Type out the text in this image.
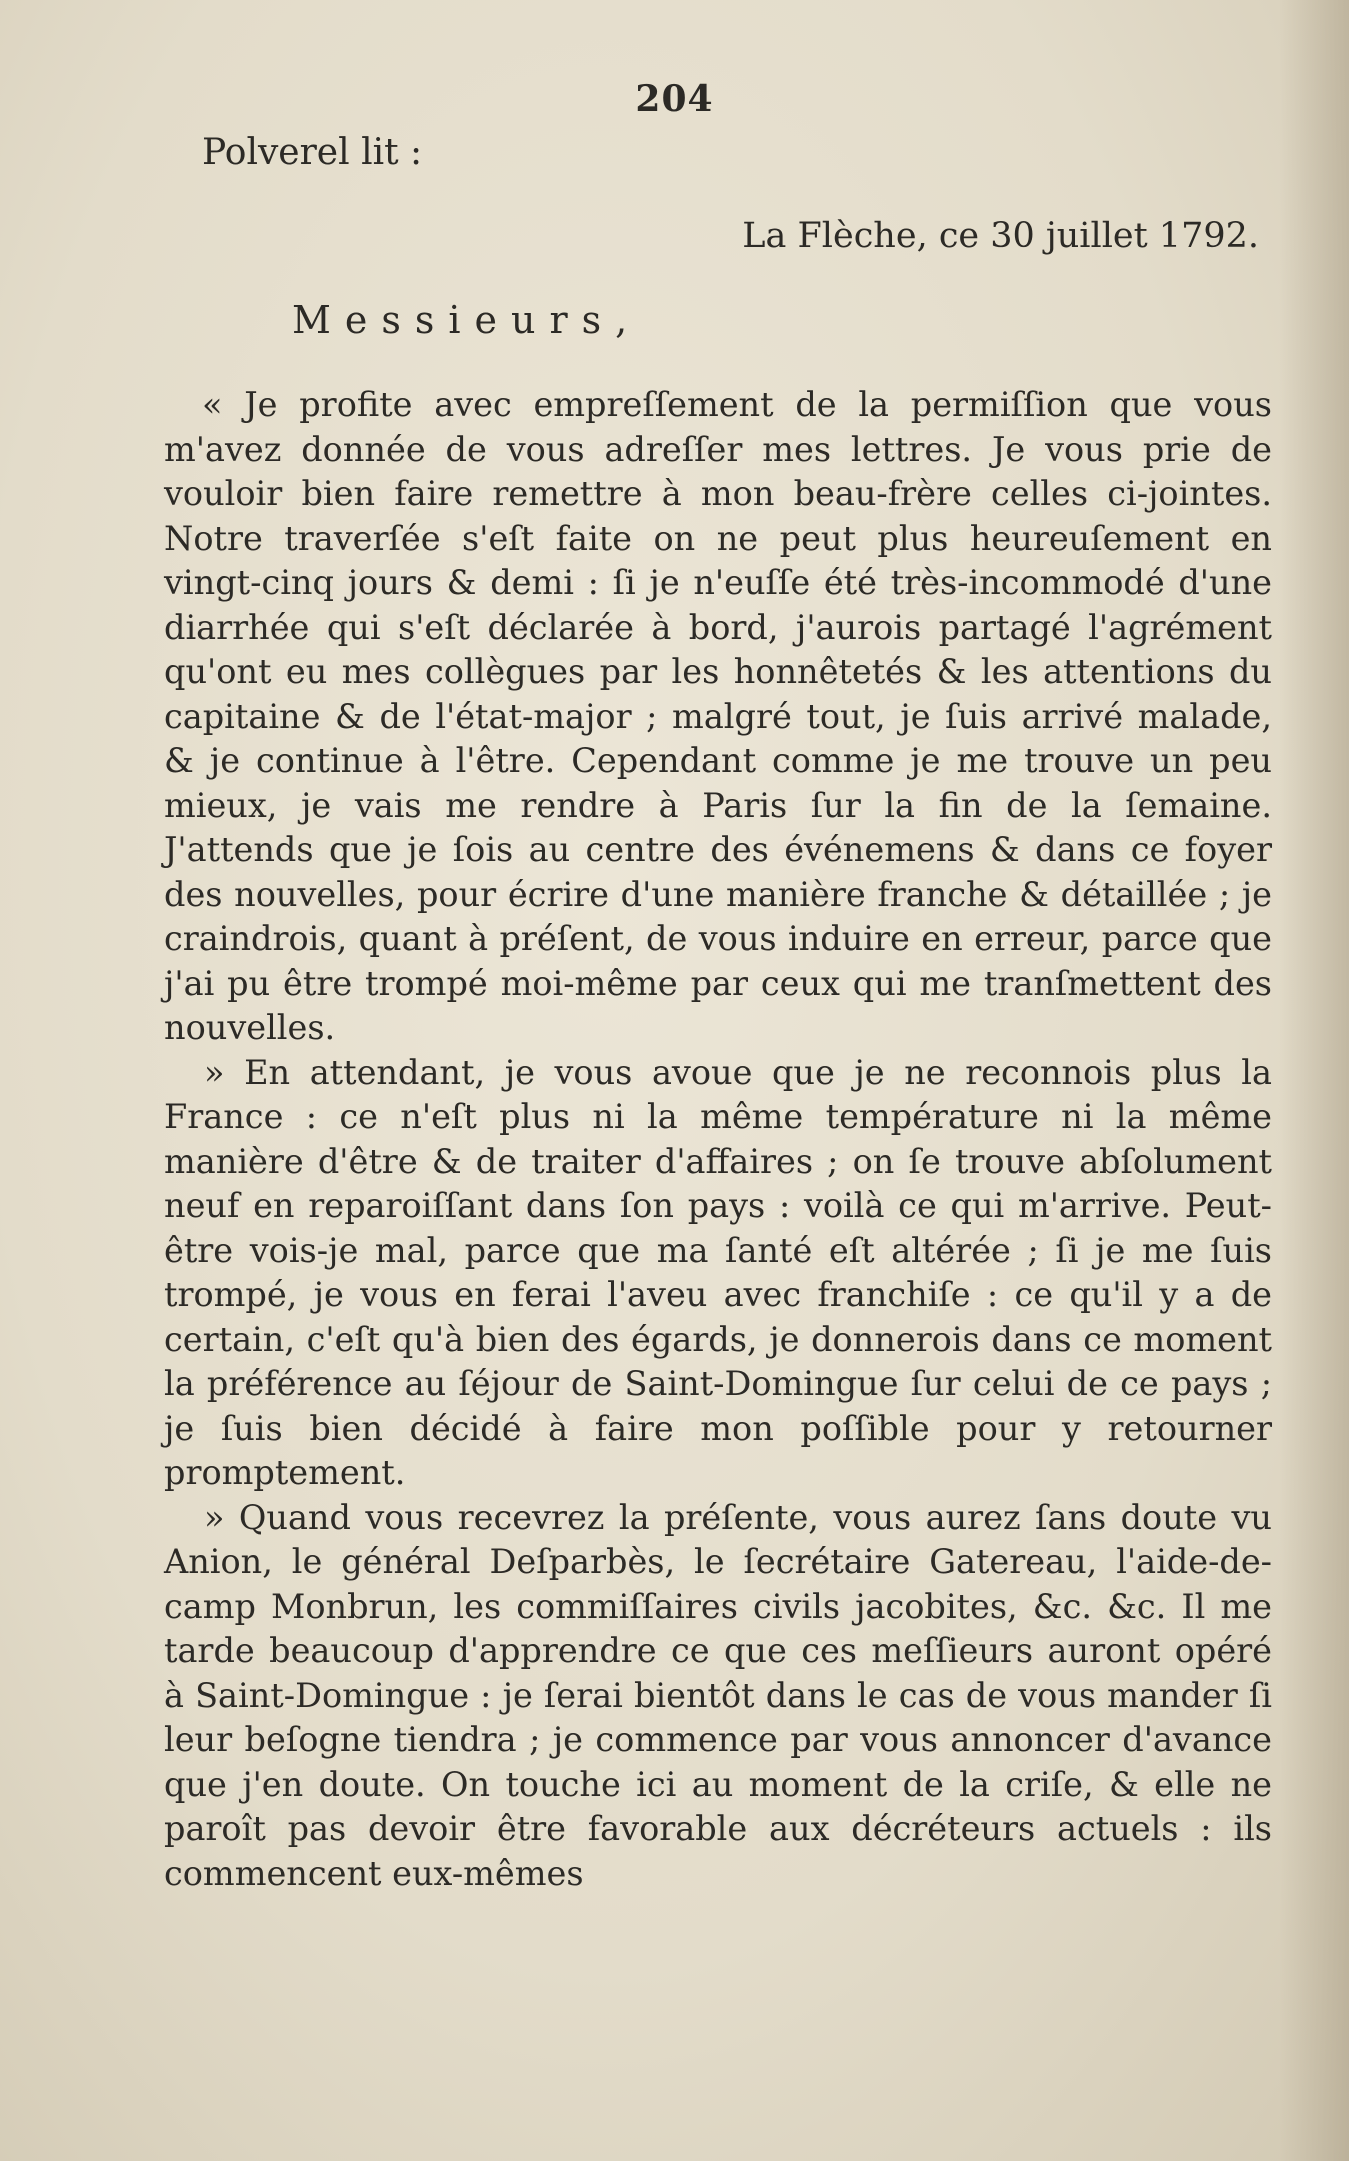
204
Polverel lit :
La Flèche, ce 30 juillet 1792.
Messieurs,

« Je profite avec empreſſement de la permiſſion que vous m'avez donnée de vous adreſſer mes lettres. Je vous prie de vouloir bien faire remettre à mon beau-frère celles ci-jointes. Notre traverſée s'eſt faite on ne peut plus heureuſement en vingt-cinq jours & demi : ſi je n'euſſe été très-incommodé d'une diarrhée qui s'eſt déclarée à bord, j'aurois partagé l'agrément qu'ont eu mes collègues par les honnêtetés & les attentions du capitaine & de l'état-major ; malgré tout, je ſuis arrivé malade, & je continue à l'être. Cependant comme je me trouve un peu mieux, je vais me rendre à Paris ſur la fin de la ſemaine. J'attends que je ſois au centre des événemens & dans ce foyer des nouvelles, pour écrire d'une manière franche & détaillée ; je craindrois, quant à préſent, de vous induire en erreur, parce que j'ai pu être trompé moi-même par ceux qui me tranſmettent des nouvelles.

» En attendant, je vous avoue que je ne reconnois plus la France : ce n'eſt plus ni la même température ni la même manière d'être & de traiter d'affaires ; on ſe trouve abſolument neuf en reparoiſſant dans ſon pays : voilà ce qui m'arrive. Peut-être vois-je mal, parce que ma ſanté eſt altérée ; ſi je me ſuis trompé, je vous en ferai l'aveu avec franchiſe : ce qu'il y a de certain, c'eſt qu'à bien des égards, je donnerois dans ce moment la préférence au ſéjour de Saint-Domingue ſur celui de ce pays ; je ſuis bien décidé à faire mon poſſible pour y retourner promptement.

» Quand vous recevrez la préſente, vous aurez ſans doute vu Anion, le général Deſparbès, le ſecrétaire Gatereau, l'aide-de-camp Monbrun, les commiſſaires civils jacobites, &c. &c. Il me tarde beaucoup d'apprendre ce que ces meſſieurs auront opéré à Saint-Domingue : je ſerai bientôt dans le cas de vous mander ſi leur beſogne tiendra ; je commence par vous annoncer d'avance que j'en doute. On touche ici au moment de la criſe, & elle ne paroît pas devoir être favorable aux décréteurs actuels : ils commencent eux-mêmes
